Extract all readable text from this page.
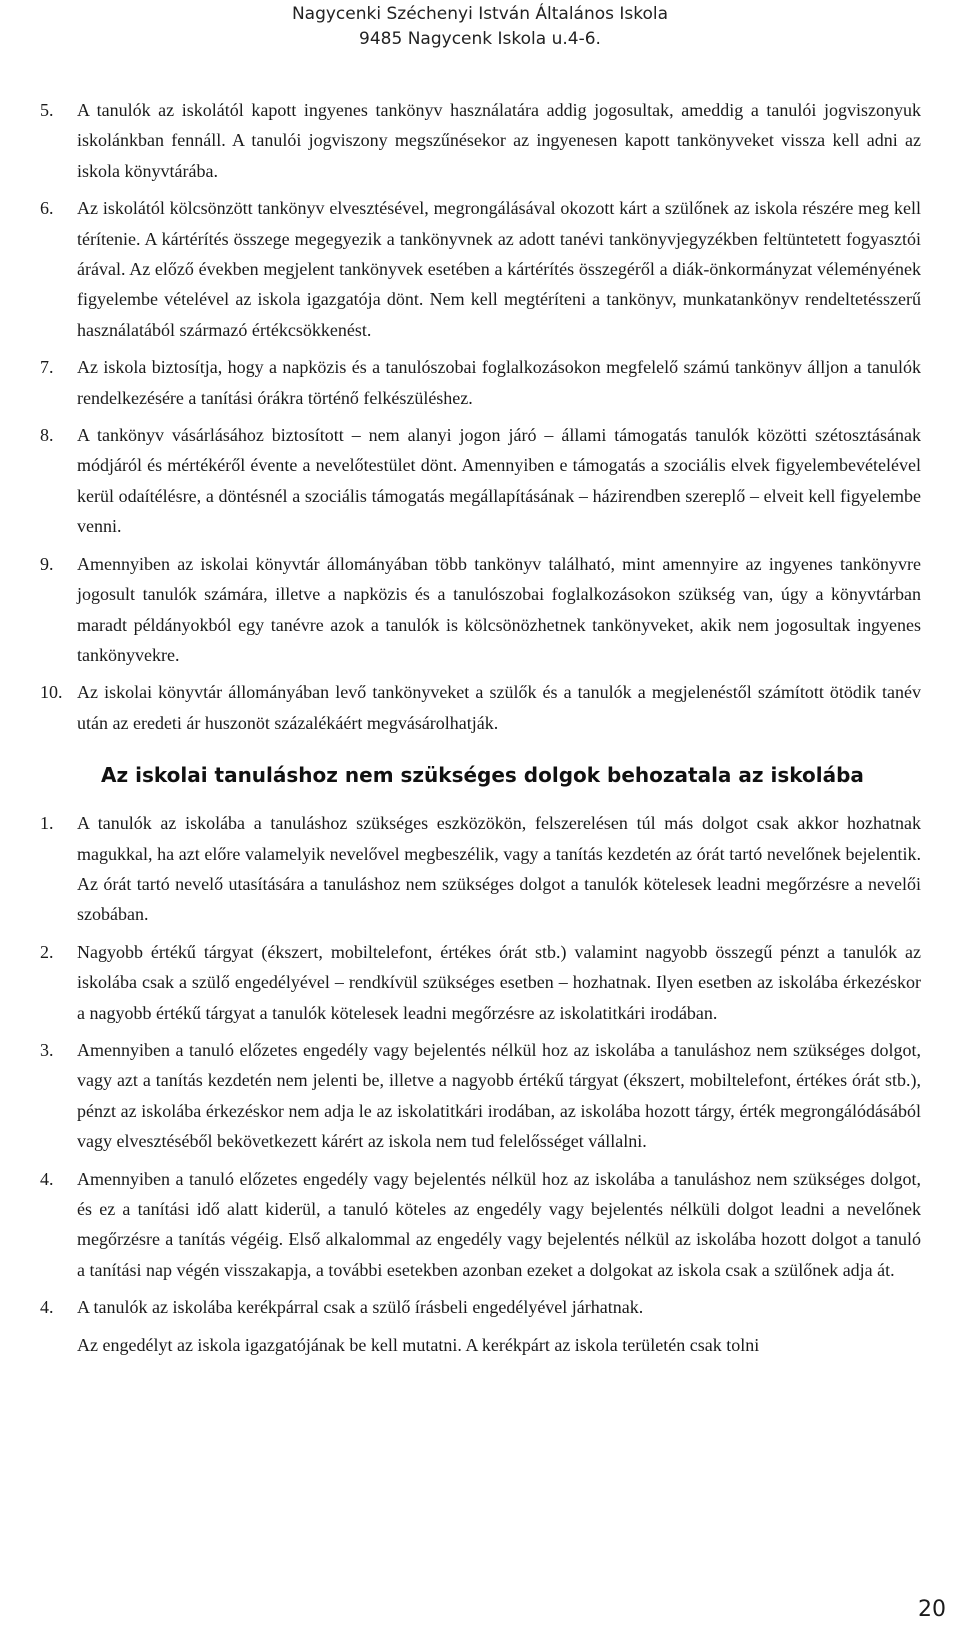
Nagycenki Széchenyi István Általános Iskola
9485 Nagycenk Iskola u.4-6.
5.	A tanulók az iskolától kapott ingyenes tankönyv használatára addig jogosultak, ameddig a tanulói jogviszonyuk iskolánkban fennáll. A tanulói jogviszony megszűnésekor az ingyenesen kapott tankönyveket vissza kell adni az iskola könyvtárába.
6.	Az iskolától kölcsönzött tankönyv elvesztésével, megrongálásával okozott kárt a szülőnek az iskola részére meg kell térítenie. A kártérítés összege megegyezik a tankönyvnek az adott tanévi tankönyvjegyzékben feltüntetett fogyasztói árával. Az előző években megjelent tankönyvek esetében a kártérítés összegéről a diák-önkormányzat véleményének figyelembe vételével az iskola igazgatója dönt. Nem kell megtéríteni a tankönyv, munkatankönyv rendeltetésszerű használatából származó értékcsökkenést.
7.	Az iskola biztosítja, hogy a napközis és a tanulószobai foglalkozásokon megfelelő számú tankönyv álljon a tanulók rendelkezésére a tanítási órákra történő felkészüléshez.
8.	A tankönyv vásárlásához biztosított – nem alanyi jogon járó – állami támogatás tanulók közötti szétosztásának módjáról és mértékéről évente a nevelőtestület dönt. Amennyiben e támogatás a szociális elvek figyelembevételével kerül odaítélésre, a döntésnél a szociális támogatás megállapításának – házirendben szereplő – elveit kell figyelembe venni.
9.	Amennyiben az iskolai könyvtár állományában több tankönyv található, mint amennyire az ingyenes tankönyvre jogosult tanulók számára, illetve a napközis és a tanulószobai foglalkozásokon szükség van, úgy a könyvtárban maradt példányokból egy tanévre azok a tanulók is kölcsönözhetnek tankönyveket, akik nem jogosultak ingyenes tankönyvekre.
10. Az iskolai könyvtár állományában levő tankönyveket a szülők és a tanulók a megjelenéstől számított ötödik tanév után az eredeti ár huszonöt százalékáért megvásárolhatják.
Az iskolai tanuláshoz nem szükséges dolgok behozatala az iskolába
1.	A tanulók az iskolába a tanuláshoz szükséges eszközökön, felszerelésen túl más dolgot csak akkor hozhatnak magukkal, ha azt előre valamelyik nevelővel megbeszélik, vagy a tanítás kezdetén az órát tartó nevelőnek bejelentik. Az órát tartó nevelő utasítására a tanuláshoz nem szükséges dolgot a tanulók kötelesek leadni megőrzésre a nevelői szobában.
2.	Nagyobb értékű tárgyat (ékszert, mobiltelefont, értékes órát stb.) valamint nagyobb összegű pénzt a tanulók az iskolába csak a szülő engedélyével – rendkívül szükséges esetben – hozhatnak. Ilyen esetben az iskolába érkezéskor a nagyobb értékű tárgyat a tanulók kötelesek leadni megőrzésre az iskolatitkári irodában.
3.	Amennyiben a tanuló előzetes engedély vagy bejelentés nélkül hoz az iskolába a tanuláshoz nem szükséges dolgot, vagy azt a tanítás kezdetén nem jelenti be, illetve a nagyobb értékű tárgyat (ékszert, mobiltelefont, értékes órát stb.), pénzt az iskolába érkezéskor nem adja le az iskolatitkári irodában, az iskolába hozott tárgy, érték megrongálódásából vagy elvesztéséből bekövetkezett kárért az iskola nem tud felelősséget vállalni.
4.	Amennyiben a tanuló előzetes engedély vagy bejelentés nélkül hoz az iskolába a tanuláshoz nem szükséges dolgot, és ez a tanítási idő alatt kiderül, a tanuló köteles az engedély vagy bejelentés nélküli dolgot leadni a nevelőnek megőrzésre a tanítás végéig. Első alkalommal az engedély vagy bejelentés nélkül az iskolába hozott dolgot a tanuló a tanítási nap végén visszakapja, a további esetekben azonban ezeket a dolgokat az iskola csak a szülőnek adja át.
4.	A tanulók az iskolába kerékpárral csak a szülő írásbeli engedélyével járhatnak.

Az engedélyt az iskola igazgatójának be kell mutatni. A kerékpárt az iskola területén csak tolni

20
